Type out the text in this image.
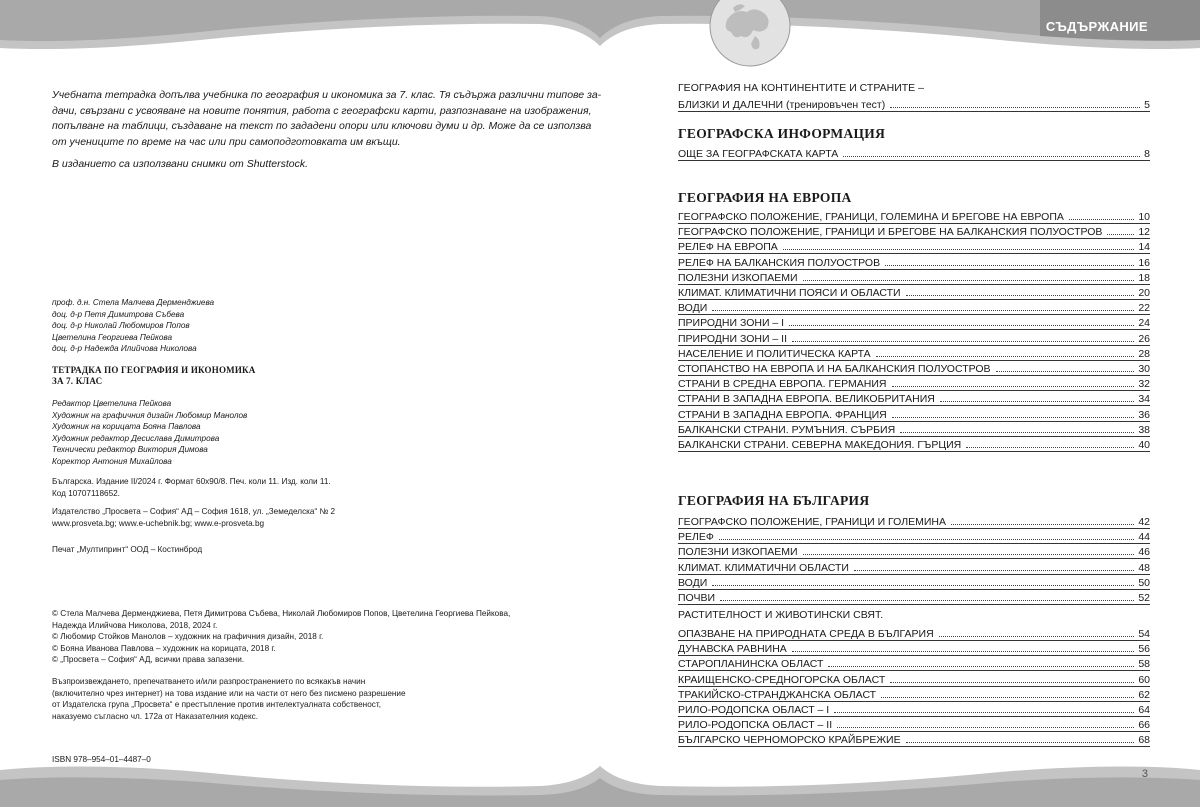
СЪДЪРЖАНИЕ

Учебната тетрадка допълва учебника по география и икономика за 7. клас. Тя съдържа различни типове за-
дачи, свързани с усвояване на новите понятия, работа с географски карти, разпознаване на изображения,
попълване на таблици, създаване на текст по зададени опори или ключови думи и др. Може да се използва
от учениците по време на час или при самоподготовката им вкъщи.

В изданието са използвани снимки от Shutterstock.

проф. д.н. Стела Малчева Дерменджиева
доц. д-р Петя Димитрова Събева
доц. д-р Николай Любомиров Попов
Цветелина Георгиева Пейкова
доц. д-р Надежда Илийчова Николова
ТЕТРАДКА ПО ГЕОГРАФИЯ И ИКОНОМИКА
ЗА 7. КЛАС
Редактор Цветелина Пейкова
Художник на графичния дизайн Любомир Манолов
Художник на корицата Бояна Павлова
Художник редактор Десислава Димитрова
Технически редактор Виктория Димова
Коректор Антония Михайлова
Българска. Издание II/2024 г. Формат 60х90/8. Печ. коли 11. Изд. коли 11.
Код 10707118652.
Издателство „Просвета – София“ АД – София 1618, ул. „Земеделска“ № 2
www.prosveta.bg; www.e-uchebnik.bg; www.e-prosveta.bg
Печат „Мултипринт“ ООД – Костинброд
© Стела Малчева Дерменджиева, Петя Димитрова Събева, Николай Любомиров Попов, Цветелина Георгиева Пейкова,
Надежда Илийчова Николова, 2018, 2024 г.
© Любомир Стойков Манолов – художник на графичния дизайн, 2018 г.
© Бояна Иванова Павлова – художник на корицата, 2018 г.
© „Просвета – София“ АД, всички права запазени.
Възпроизвеждането, препечатването и/или разпространението по всякакъв начин
(включително чрез интернет) на това издание или на части от него без писмено разрешение
от Издателска група „Просвета“ е престъпление против интелектуалната собственост,
наказуемо съгласно чл. 172а от Наказателния кодекс.
ISBN 978–954–01–4487–0
ГЕОГРАФИЯ НА КОНТИНЕНТИТЕ И СТРАНИТЕ –
БЛИЗКИ И ДАЛЕЧНИ (тренировъчен тест)	5
ГЕОГРАФСКА ИНФОРМАЦИЯ
ОЩЕ ЗА ГЕОГРАФСКАТА КАРТА	8
ГЕОГРАФИЯ НА ЕВРОПА
ГЕОГРАФСКО ПОЛОЖЕНИЕ, ГРАНИЦИ, ГОЛЕМИНА И БРЕГОВЕ НА ЕВРОПА	10
ГЕОГРАФСКО ПОЛОЖЕНИЕ, ГРАНИЦИ И БРЕГОВЕ НА БАЛКАНСКИЯ ПОЛУОСТРОВ	12
РЕЛЕФ НА ЕВРОПА	14
РЕЛЕФ НА БАЛКАНСКИЯ ПОЛУОСТРОВ	16
ПОЛЕЗНИ ИЗКОПАЕМИ	18
КЛИМАТ. КЛИМАТИЧНИ ПОЯСИ И ОБЛАСТИ	20
ВОДИ	22
ПРИРОДНИ ЗОНИ – I	24
ПРИРОДНИ ЗОНИ – II	26
НАСЕЛЕНИЕ И ПОЛИТИЧЕСКА КАРТА	28
СТОПАНСТВО НА ЕВРОПА И НА БАЛКАНСКИЯ ПОЛУОСТРОВ	30
СТРАНИ В СРЕДНА ЕВРОПА. ГЕРМАНИЯ	32
СТРАНИ В ЗАПАДНА ЕВРОПА. ВЕЛИКОБРИТАНИЯ	34
СТРАНИ В ЗАПАДНА ЕВРОПА. ФРАНЦИЯ	36
БАЛКАНСКИ СТРАНИ. РУМЪНИЯ. СЪРБИЯ	38
БАЛКАНСКИ СТРАНИ. СЕВЕРНА МАКЕДОНИЯ. ГЪРЦИЯ	40
ГЕОГРАФИЯ НА БЪЛГАРИЯ
ГЕОГРАФСКО ПОЛОЖЕНИЕ, ГРАНИЦИ И ГОЛЕМИНА	42
РЕЛЕФ	44
ПОЛЕЗНИ ИЗКОПАЕМИ	46
КЛИМАТ. КЛИМАТИЧНИ ОБЛАСТИ	48
ВОДИ	50
ПОЧВИ	52
РАСТИТЕЛНОСТ И ЖИВОТИНСКИ СВЯТ.
ОПАЗВАНЕ НА ПРИРОДНАТА СРЕДА В БЪЛГАРИЯ	54
ДУНАВСКА РАВНИНА	56
СТАРОПЛАНИНСКА ОБЛАСТ	58
КРАИЩЕНСКО-СРЕДНОГОРСКА ОБЛАСТ	60
ТРАКИЙСКО-СТРАНДЖАНСКА ОБЛАСТ	62
РИЛО-РОДОПСКА ОБЛАСТ – I	64
РИЛО-РОДОПСКА ОБЛАСТ – II	66
БЪЛГАРСКО ЧЕРНОМОРСКО КРАЙБРЕЖИЕ	68
3
